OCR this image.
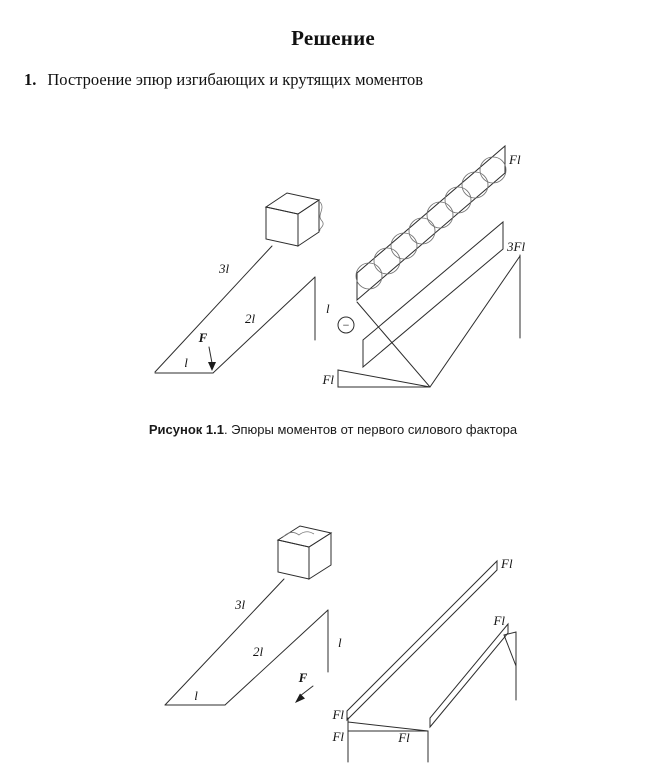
Решение
1. Построение эпюр изгибающих и крутящих моментов
3l
2l
l
l
F
Fl
3Fl
Fl
−
Рисунок 1.1. Эпюры моментов от первого силового фактора
3l
2l
l
l
F
Fl
Fl
Fl
Fl	Fl
